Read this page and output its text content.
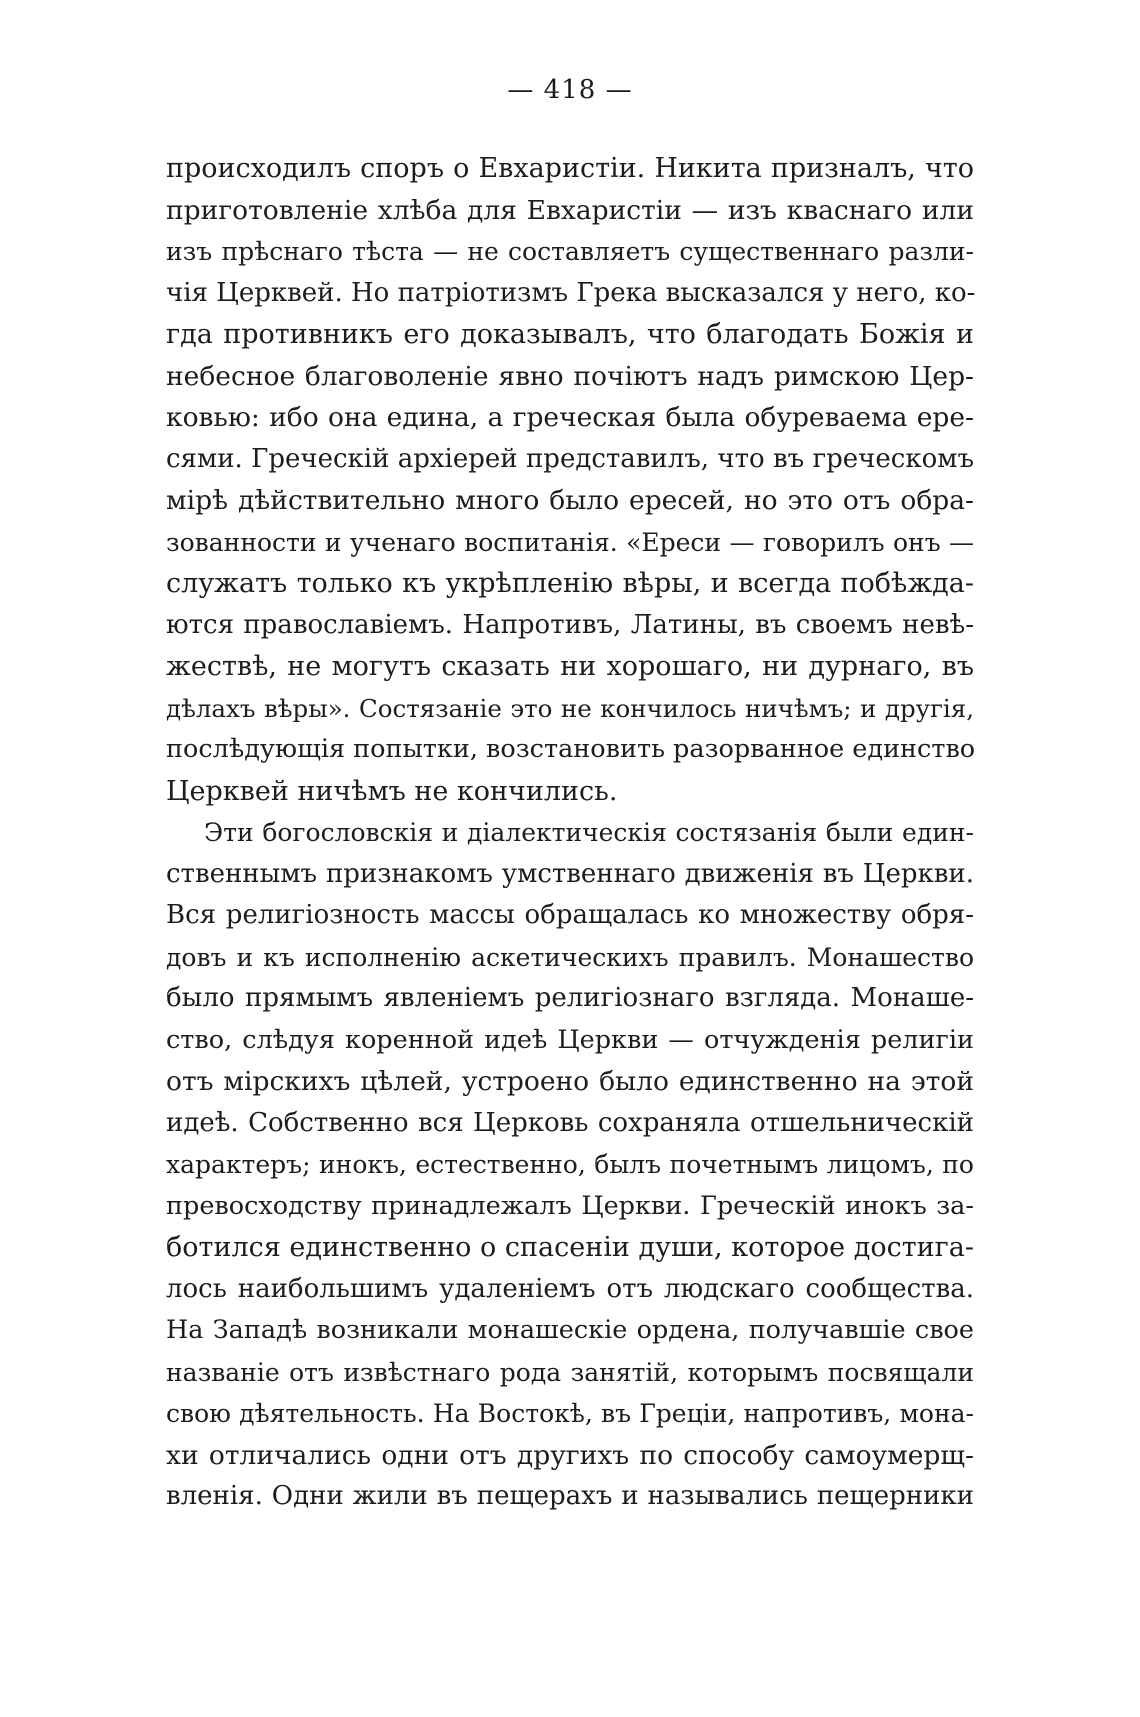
— 418 —
происходилъ споръ о Евхаристіи. Никита призналъ, что
приготовленіе хлѣба для Евхаристіи — изъ кваснаго или
изъ прѣснаго тѣста — не составляетъ существеннаго разли-
чія Церквей. Но патріотизмъ Грека высказался у него, ко-
гда противникъ его доказывалъ, что благодать Божія и
небесное благоволеніе явно почіютъ надъ римскою Цер-
ковью: ибо она едина, а греческая была обуреваема ере-
сями. Греческій архіерей представилъ, что въ греческомъ
мірѣ дѣйствительно много было ересей, но это отъ обра-
зованности и ученаго воспитанія. «Ереси — говорилъ онъ —
служатъ только къ укрѣпленію вѣры, и всегда побѣжда-
ются православіемъ. Напротивъ, Латины, въ своемъ невѣ-
жествѣ, не могутъ сказать ни хорошаго, ни дурнаго, въ
дѣлахъ вѣры». Состязаніе это не кончилось ничѣмъ; и другія,
послѣдующія попытки, возстановить разорванное единство
Церквей ничѣмъ не кончились.
Эти богословскія и діалектическія состязанія были един-
ственнымъ признакомъ умственнаго движенія въ Церкви.
Вся религіозность массы обращалась ко множеству обря-
довъ и къ исполненію аскетическихъ правилъ. Монашество
было прямымъ явленіемъ религіознаго взгляда. Монаше-
ство, слѣдуя коренной идеѣ Церкви — отчужденія религіи
отъ мірскихъ цѣлей, устроено было единственно на этой
идеѣ. Собственно вся Церковь сохраняла отшельническій
характеръ; инокъ, естественно, былъ почетнымъ лицомъ, по
превосходству принадлежалъ Церкви. Греческій инокъ за-
ботился единственно о спасеніи души, которое достига-
лось наибольшимъ удаленіемъ отъ людскаго сообщества.
На Западѣ возникали монашескіе ордена, получавшіе свое
названіе отъ извѣстнаго рода занятій, которымъ посвящали
свою дѣятельность. На Востокѣ, въ Греціи, напротивъ, мона-
хи отличались одни отъ другихъ по способу самоумерщ-
вленія. Одни жили въ пещерахъ и назывались пещерники
